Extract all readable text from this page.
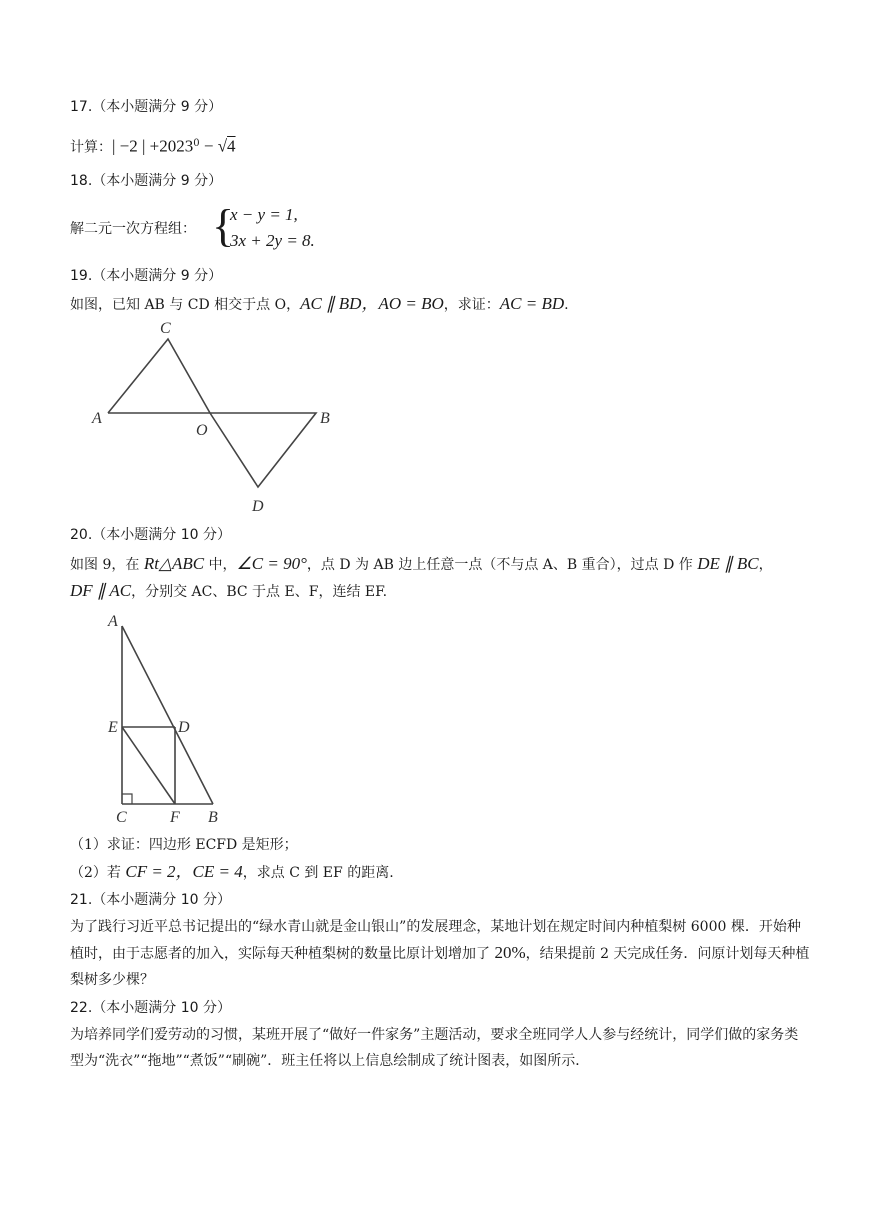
17.（本小题满分 9 分）
计算：| −2 | $+2023^0 - √4$
18.（本小题满分 9 分）
解二元一次方程组： {
x − y = 1,
3x + 2y = 8.
19.（本小题满分 9 分）
如图，已知 AB 与 CD 相交于点 O，AC ∥ BD，AO = BO，求证：AC = BD.
C
A
O
B
D
20.（本小题满分 10 分）
如图 9，在 Rt△ABC 中，∠C = 90°，点 D 为 AB 边上任意一点（不与点 A、B 重合），过点 D 作 DE ∥ BC，
DF ∥ AC，分别交 AC、BC 于点 E、F，连结 EF.
A
E	D
C	F B
（1）求证：四边形 ECFD 是矩形；
（2）若 CF = 2，CE = 4，求点 C 到 EF 的距离.
21.（本小题满分 10 分）
为了践行习近平总书记提出的“绿水青山就是金山银山”的发展理念，某地计划在规定时间内种植梨树 6000 棵．开始种植时，由于志愿者的加入，实际每天种植梨树的数量比原计划增加了 20%，结果提前 2 天完成任务．问原计划每天种植梨树多少棵？
22.（本小题满分 10 分）
为培养同学们爱劳动的习惯，某班开展了“做好一件家务”主题活动，要求全班同学人人参与经统计，同学们做的家务类型为“洗衣”“拖地”“煮饭”“刷碗”．班主任将以上信息绘制成了统计图表，如图所示．
